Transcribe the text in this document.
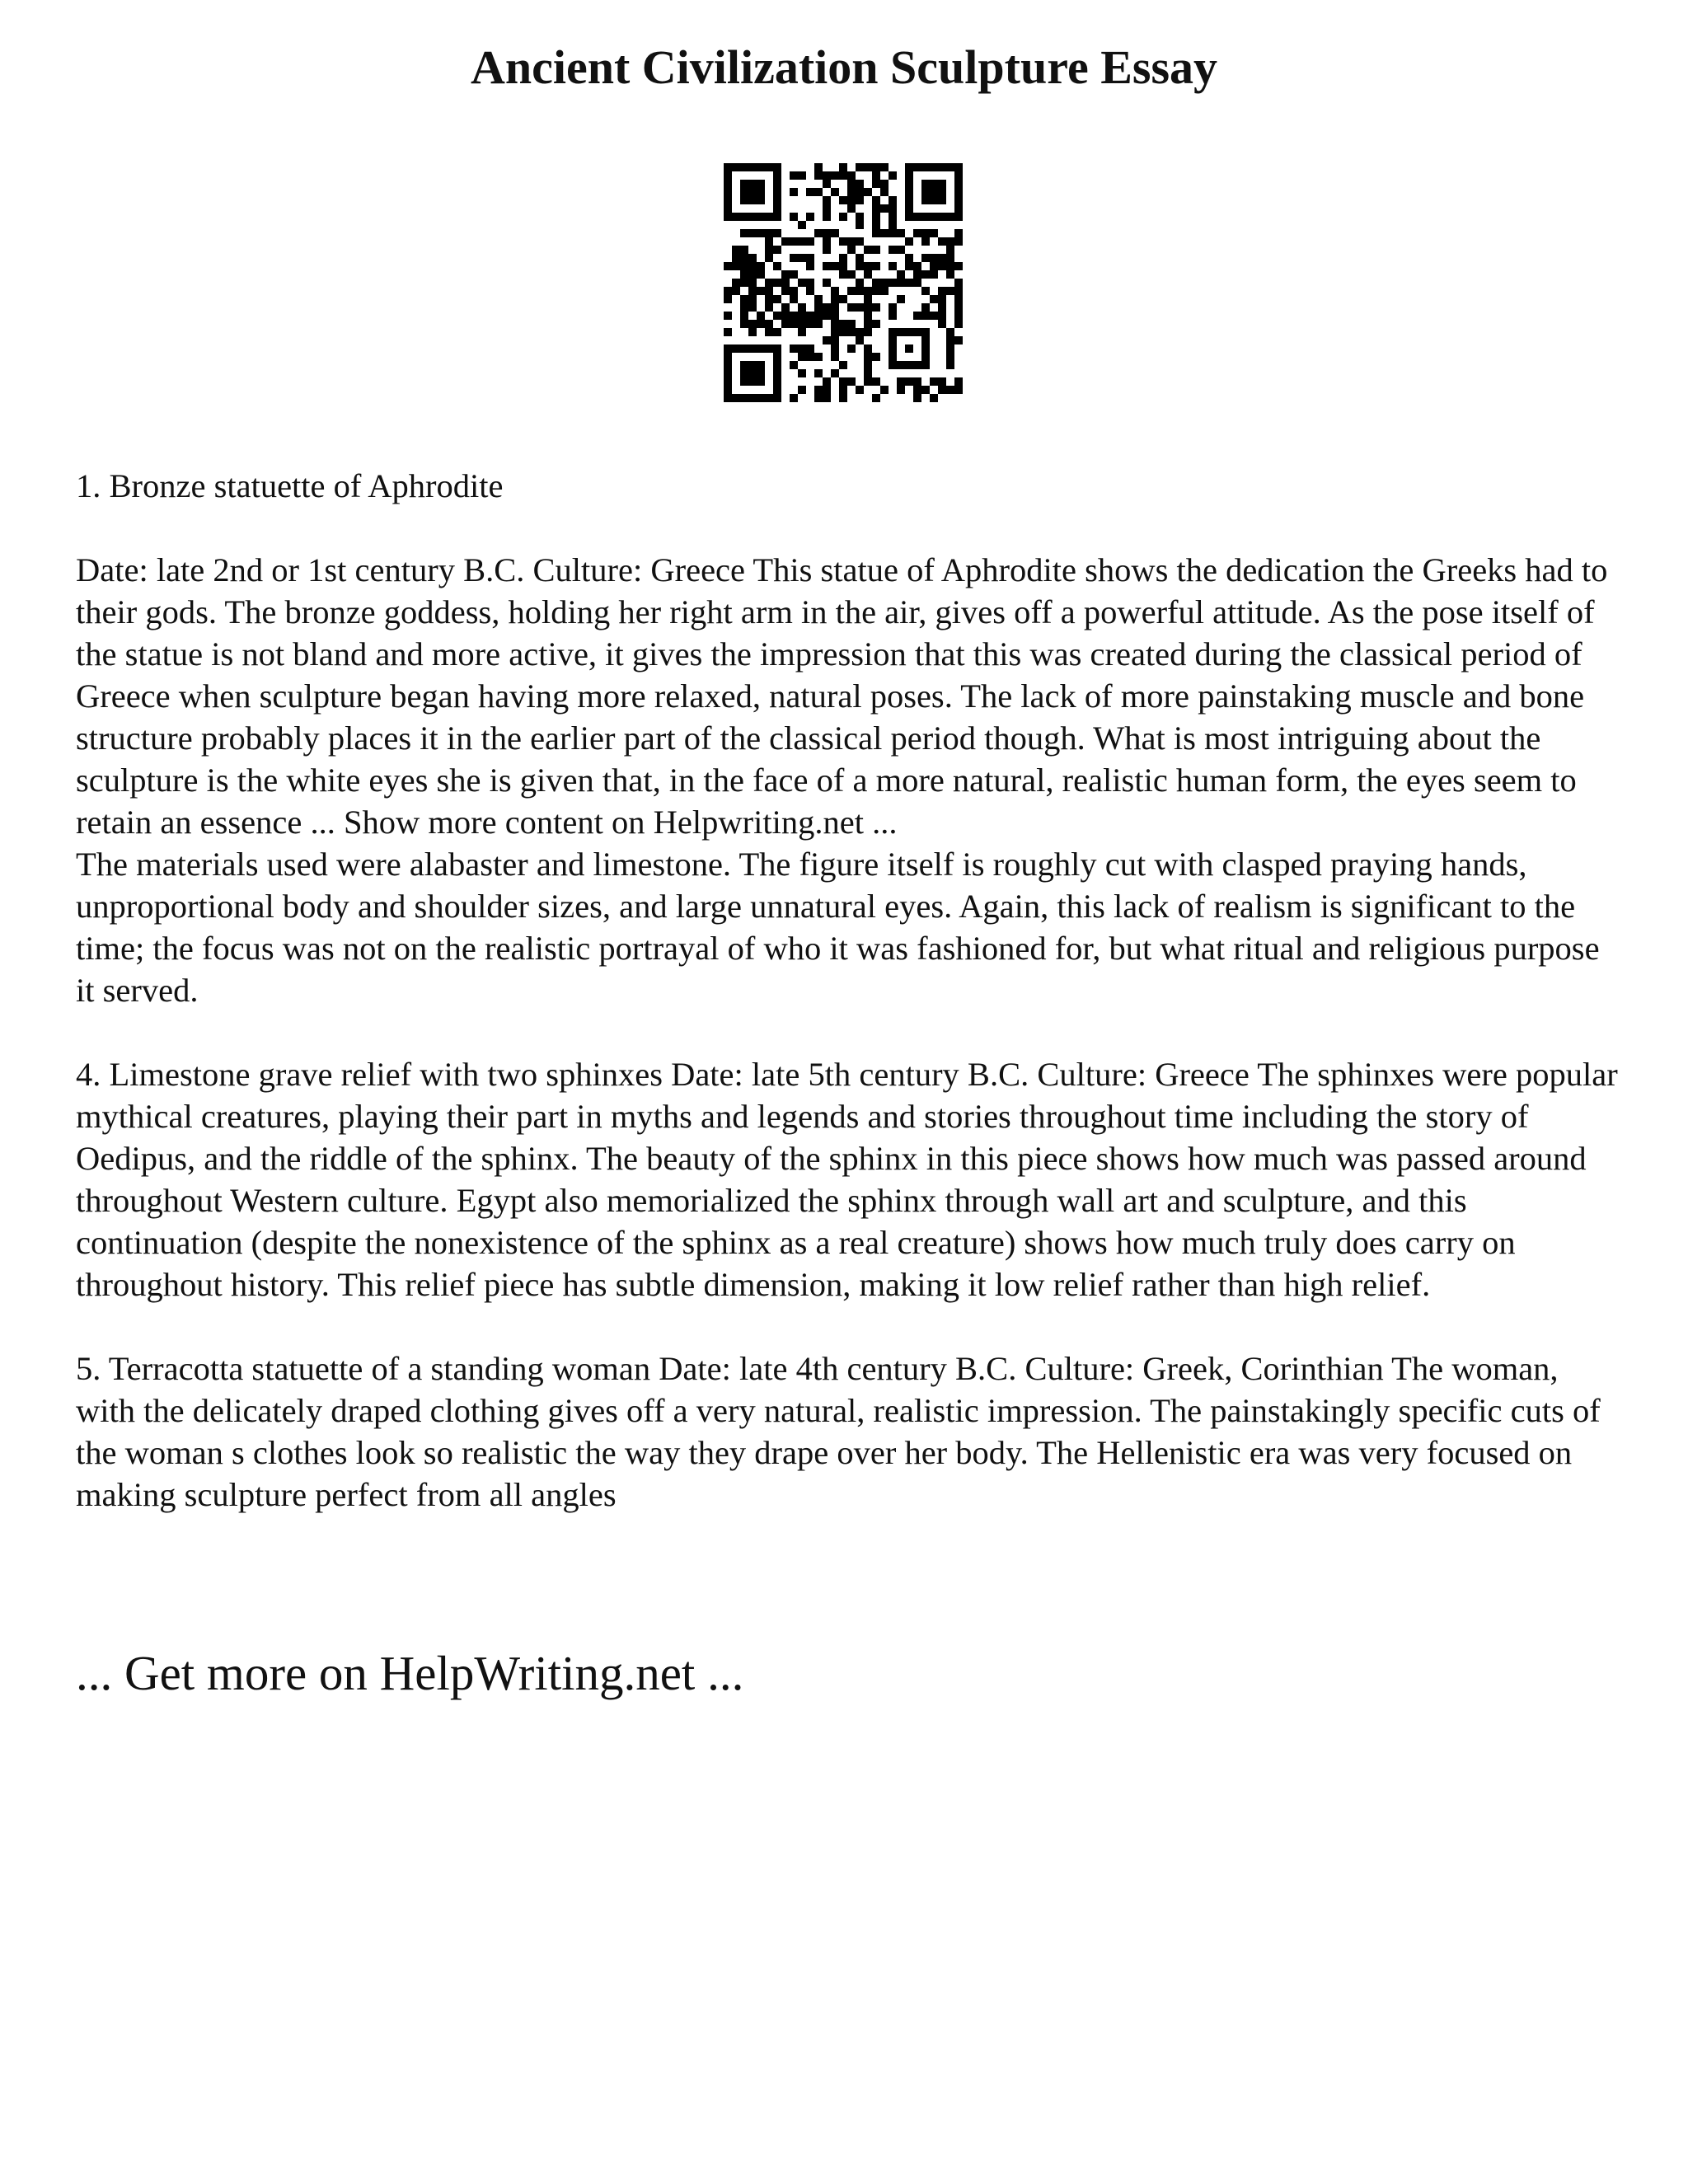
Ancient Civilization Sculpture Essay

1. Bronze statuette of Aphrodite

Date: late 2nd or 1st century B.C. Culture: Greece This statue of Aphrodite shows the dedication the Greeks had to their gods. The bronze goddess, holding her right arm in the air, gives off a powerful attitude. As the pose itself of the statue is not bland and more active, it gives the impression that this was created during the classical period of Greece when sculpture began having more relaxed, natural poses. The lack of more painstaking muscle and bone structure probably places it in the earlier part of the classical period though. What is most intriguing about the sculpture is the white eyes she is given that, in the face of a more natural, realistic human form, the eyes seem to retain an essence ... Show more content on Helpwriting.net ...

The materials used were alabaster and limestone. The figure itself is roughly cut with clasped praying hands, unproportional body and shoulder sizes, and large unnatural eyes. Again, this lack of realism is significant to the time; the focus was not on the realistic portrayal of who it was fashioned for, but what ritual and religious purpose it served.

4. Limestone grave relief with two sphinxes Date: late 5th century B.C. Culture: Greece The sphinxes were popular mythical creatures, playing their part in myths and legends and stories throughout time including the story of Oedipus, and the riddle of the sphinx. The beauty of the sphinx in this piece shows how much was passed around throughout Western culture. Egypt also memorialized the sphinx through wall art and sculpture, and this continuation (despite the nonexistence of the sphinx as a real creature) shows how much truly does carry on throughout history. This relief piece has subtle dimension, making it low relief rather than high relief.

5. Terracotta statuette of a standing woman Date: late 4th century B.C. Culture: Greek, Corinthian The woman, with the delicately draped clothing gives off a very natural, realistic impression. The painstakingly specific cuts of the woman s clothes look so realistic the way they drape over her body. The Hellenistic era was very focused on making sculpture perfect from all angles

... Get more on HelpWriting.net ...
